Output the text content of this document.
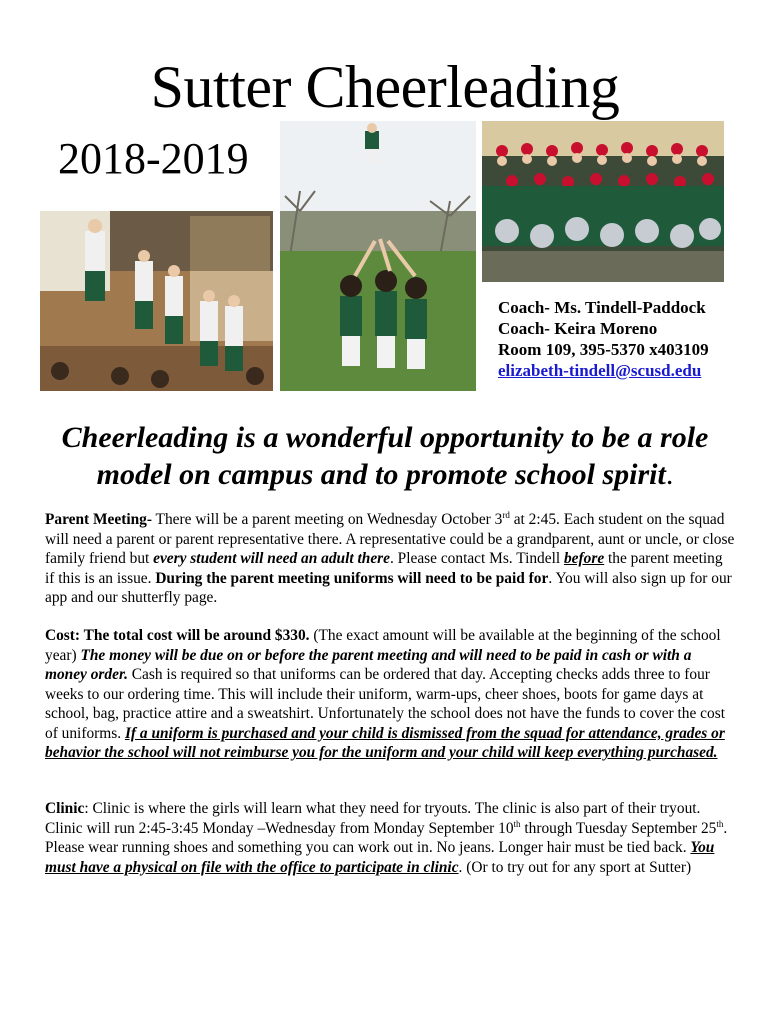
Sutter Cheerleading
2018-2019
Coach- Ms. Tindell-Paddock
Coach- Keira Moreno
Room 109, 395-5370 x403109
elizabeth-tindell@scusd.edu
Cheerleading is a wonderful opportunity to be a role
model on campus and to promote school spirit.
Parent Meeting- There will be a parent meeting on Wednesday October 3rd at 2:45. Each student on the squad will need a parent or parent representative there. A representative could be a grandparent, aunt or uncle, or close family friend but every student will need an adult there. Please contact Ms. Tindell before the parent meeting if this is an issue. During the parent meeting uniforms will need to be paid for. You will also sign up for our app and our shutterfly page.
Cost: The total cost will be around $330. (The exact amount will be available at the beginning of the school year) The money will be due on or before the parent meeting and will need to be paid in cash or with a money order. Cash is required so that uniforms can be ordered that day. Accepting checks adds three to four weeks to our ordering time. This will include their uniform, warm-ups, cheer shoes, boots for game days at school, bag, practice attire and a sweatshirt. Unfortunately the school does not have the funds to cover the cost of uniforms. If a uniform is purchased and your child is dismissed from the squad for attendance, grades or behavior the school will not reimburse you for the uniform and your child will keep everything purchased.
Clinic: Clinic is where the girls will learn what they need for tryouts. The clinic is also part of their tryout. Clinic will run 2:45-3:45 Monday –Wednesday from Monday September 10th through Tuesday September 25th. Please wear running shoes and something you can work out in. No jeans. Longer hair must be tied back. You must have a physical on file with the office to participate in clinic. (Or to try out for any sport at Sutter)
